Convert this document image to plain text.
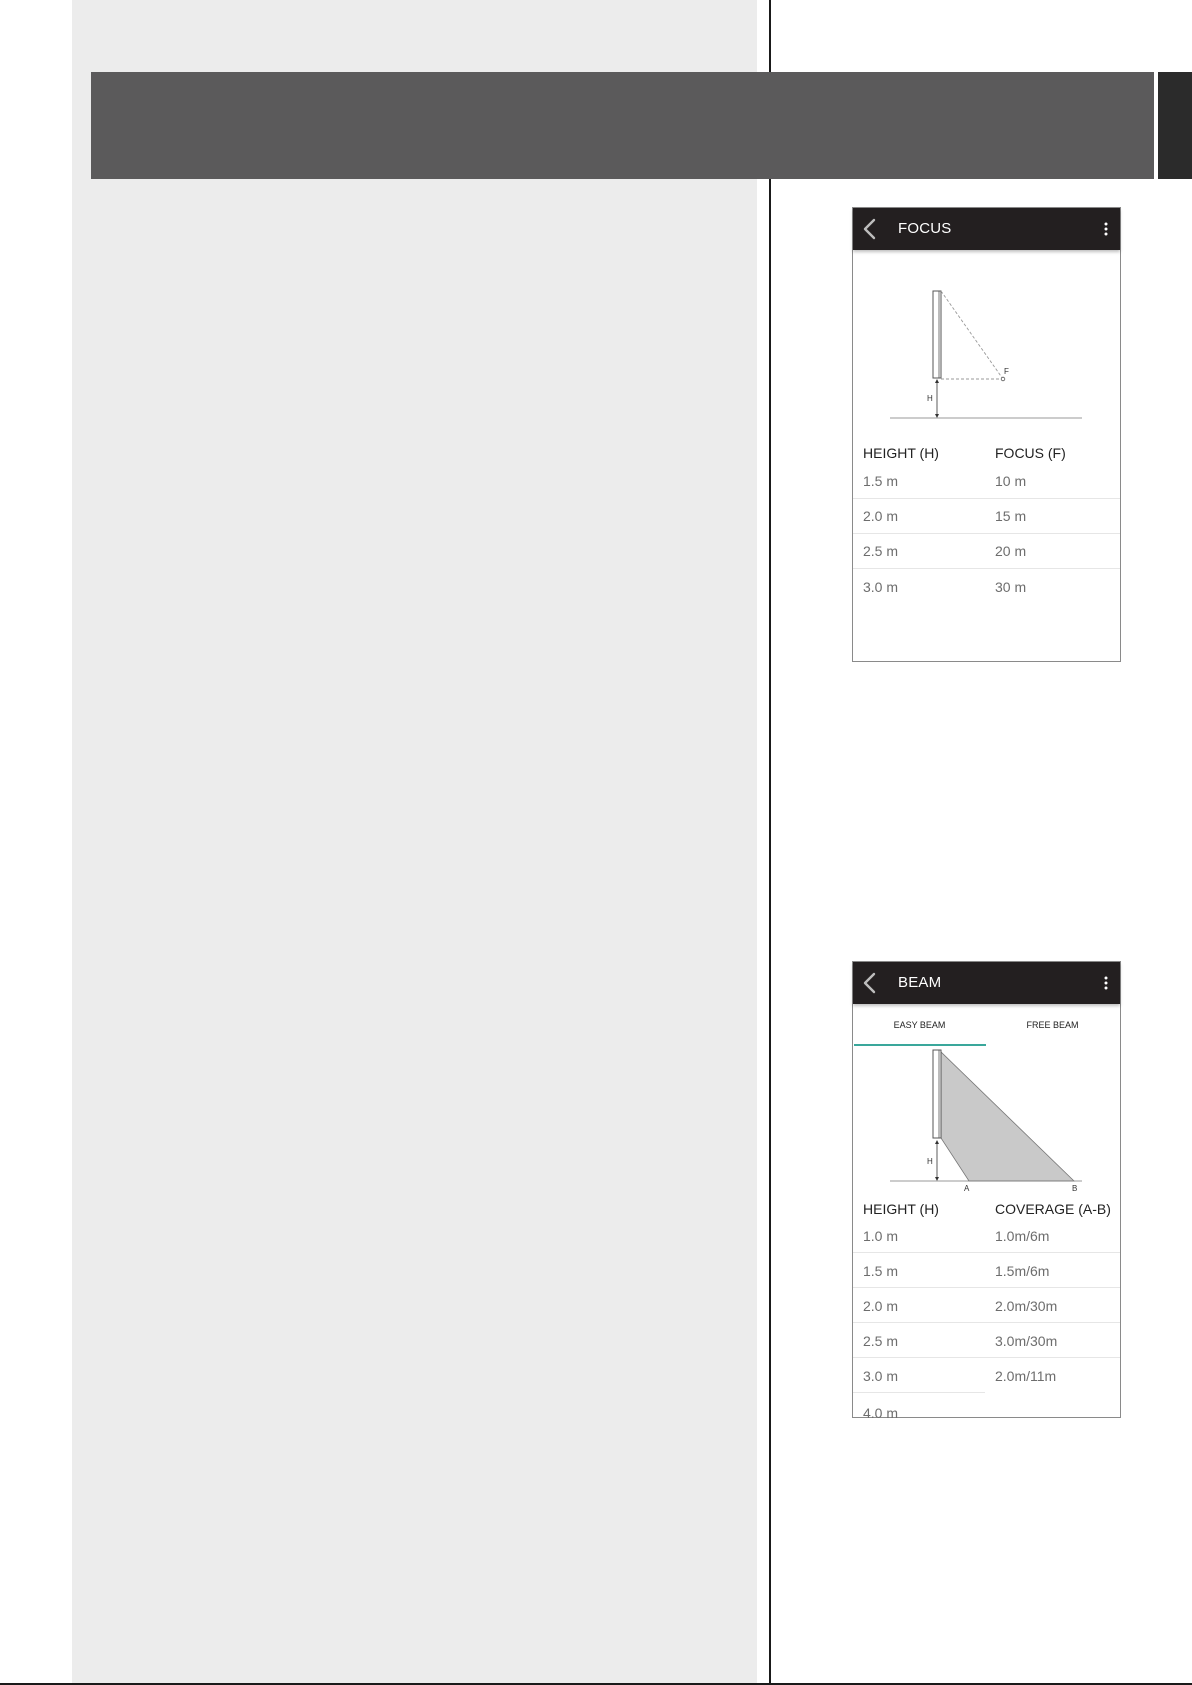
FOCUS
F
H
HEIGHT (H)	FOCUS (F)
1.5 m	10 m
2.0 m	15 m
2.5 m	20 m
3.0 m	30 m
BEAM
EASY BEAM	FREE BEAM
H
A	B
HEIGHT (H)	COVERAGE (A-B)
1.0 m	1.0m/6m
1.5 m	1.5m/6m
2.0 m	2.0m/30m
2.5 m	3.0m/30m
3.0 m	2.0m/11m
4.0 m
